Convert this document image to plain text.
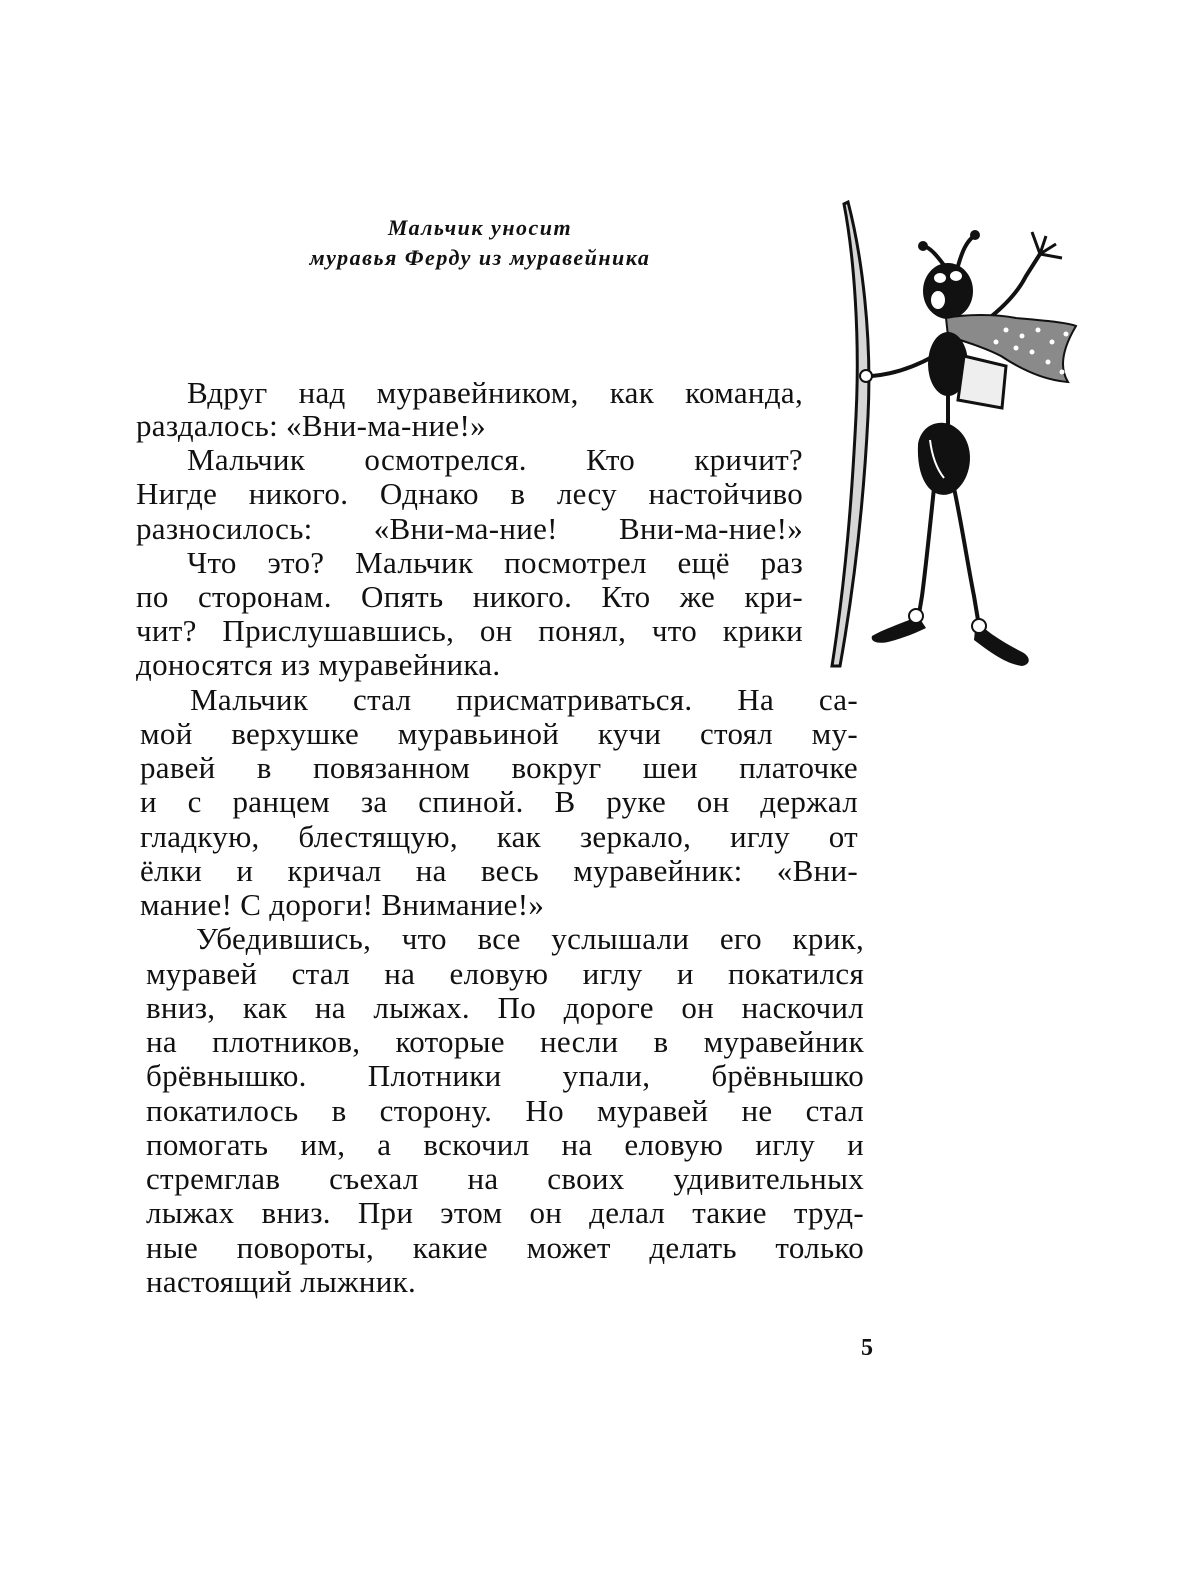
Мальчик уносит
муравья Ферду из муравейника

Вдруг над муравейником, как команда,

раздалось: «Вни-ма-ние!»

Мальчик осмотрелся. Кто кричит?

Нигде никого. Однако в лесу настойчиво

разносилось: «Вни-ма-ние! Вни-ма-ние!»

Что это? Мальчик посмотрел ещё раз

по сторонам. Опять никого. Кто же кри-

чит? Прислушавшись, он понял, что крики

доносятся из муравейника.

Мальчик стал присматриваться. На са-

мой верхушке муравьиной кучи стоял му-

равей в повязанном вокруг шеи платочке

и с ранцем за спиной. В руке он держал

гладкую, блестящую, как зеркало, иглу от

ёлки и кричал на весь муравейник: «Вни-

мание! С дороги! Внимание!»

Убедившись, что все услышали его крик,

муравей стал на еловую иглу и покатился

вниз, как на лыжах. По дороге он наскочил

на плотников, которые несли в муравейник

брёвнышко. Плотники упали, брёвнышко

покатилось в сторону. Но муравей не стал

помогать им, а вскочил на еловую иглу и

стремглав съехал на своих удивительных

лыжах вниз. При этом он делал такие труд-

ные повороты, какие может делать только

настоящий лыжник.

5
